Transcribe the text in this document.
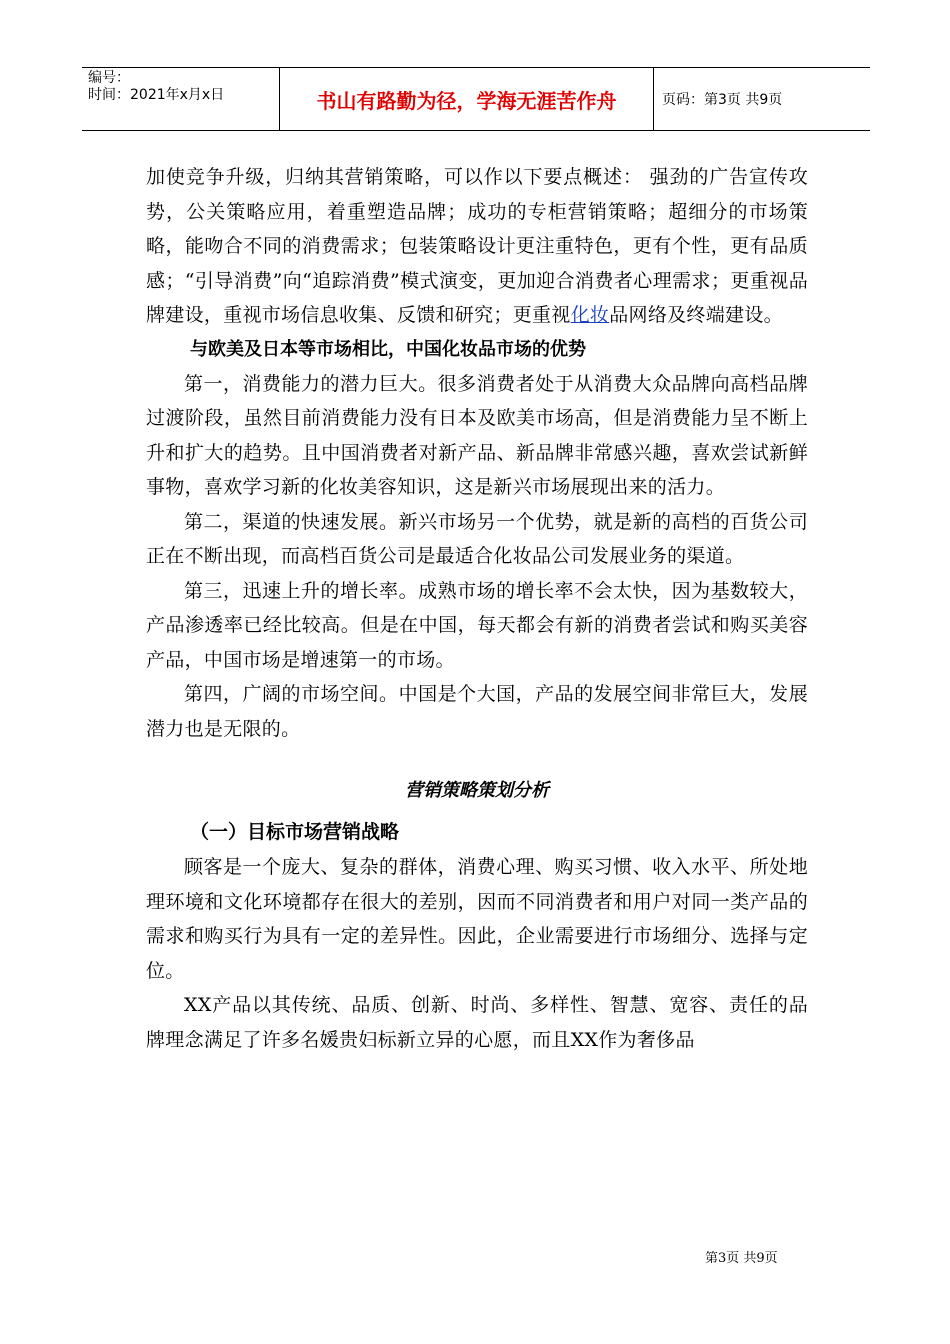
编号：
时间：2021年x月x日	书山有路勤为径，学海无涯苦作舟	页码：第3页 共9页

加使竞争升级，归纳其营销策略，可以作以下要点概述： 强劲的广告宣传攻势，公关策略应用，着重塑造品牌；成功的专柜营销策略；超细分的市场策略，能吻合不同的消费需求；包装策略设计更注重特色，更有个性，更有品质感；“引导消费”向“追踪消费”模式演变，更加迎合消费者心理需求；更重视品牌建设，重视市场信息收集、反馈和研究；更重视化妆品网络及终端建设。

与欧美及日本等市场相比，中国化妆品市场的优势

第一，消费能力的潜力巨大。很多消费者处于从消费大众品牌向高档品牌过渡阶段，虽然目前消费能力没有日本及欧美市场高，但是消费能力呈不断上升和扩大的趋势。且中国消费者对新产品、新品牌非常感兴趣，喜欢尝试新鲜事物，喜欢学习新的化妆美容知识，这是新兴市场展现出来的活力。

第二，渠道的快速发展。新兴市场另一个优势，就是新的高档的百货公司正在不断出现，而高档百货公司是最适合化妆品公司发展业务的渠道。

第三，迅速上升的增长率。成熟市场的增长率不会太快，因为基数较大，产品渗透率已经比较高。但是在中国，每天都会有新的消费者尝试和购买美容产品，中国市场是增速第一的市场。

第四，广阔的市场空间。中国是个大国，产品的发展空间非常巨大，发展潜力也是无限的。

营销策略策划分析

（一）目标市场营销战略

顾客是一个庞大、复杂的群体，消费心理、购买习惯、收入水平、所处地理环境和文化环境都存在很大的差别，因而不同消费者和用户对同一类产品的需求和购买行为具有一定的差异性。因此，企业需要进行市场细分、选择与定位。

XX产品以其传统、品质、创新、时尚、多样性、智慧、宽容、责任的品牌理念满足了许多名媛贵妇标新立异的心愿，而且XX作为奢侈品

第3页 共9页
